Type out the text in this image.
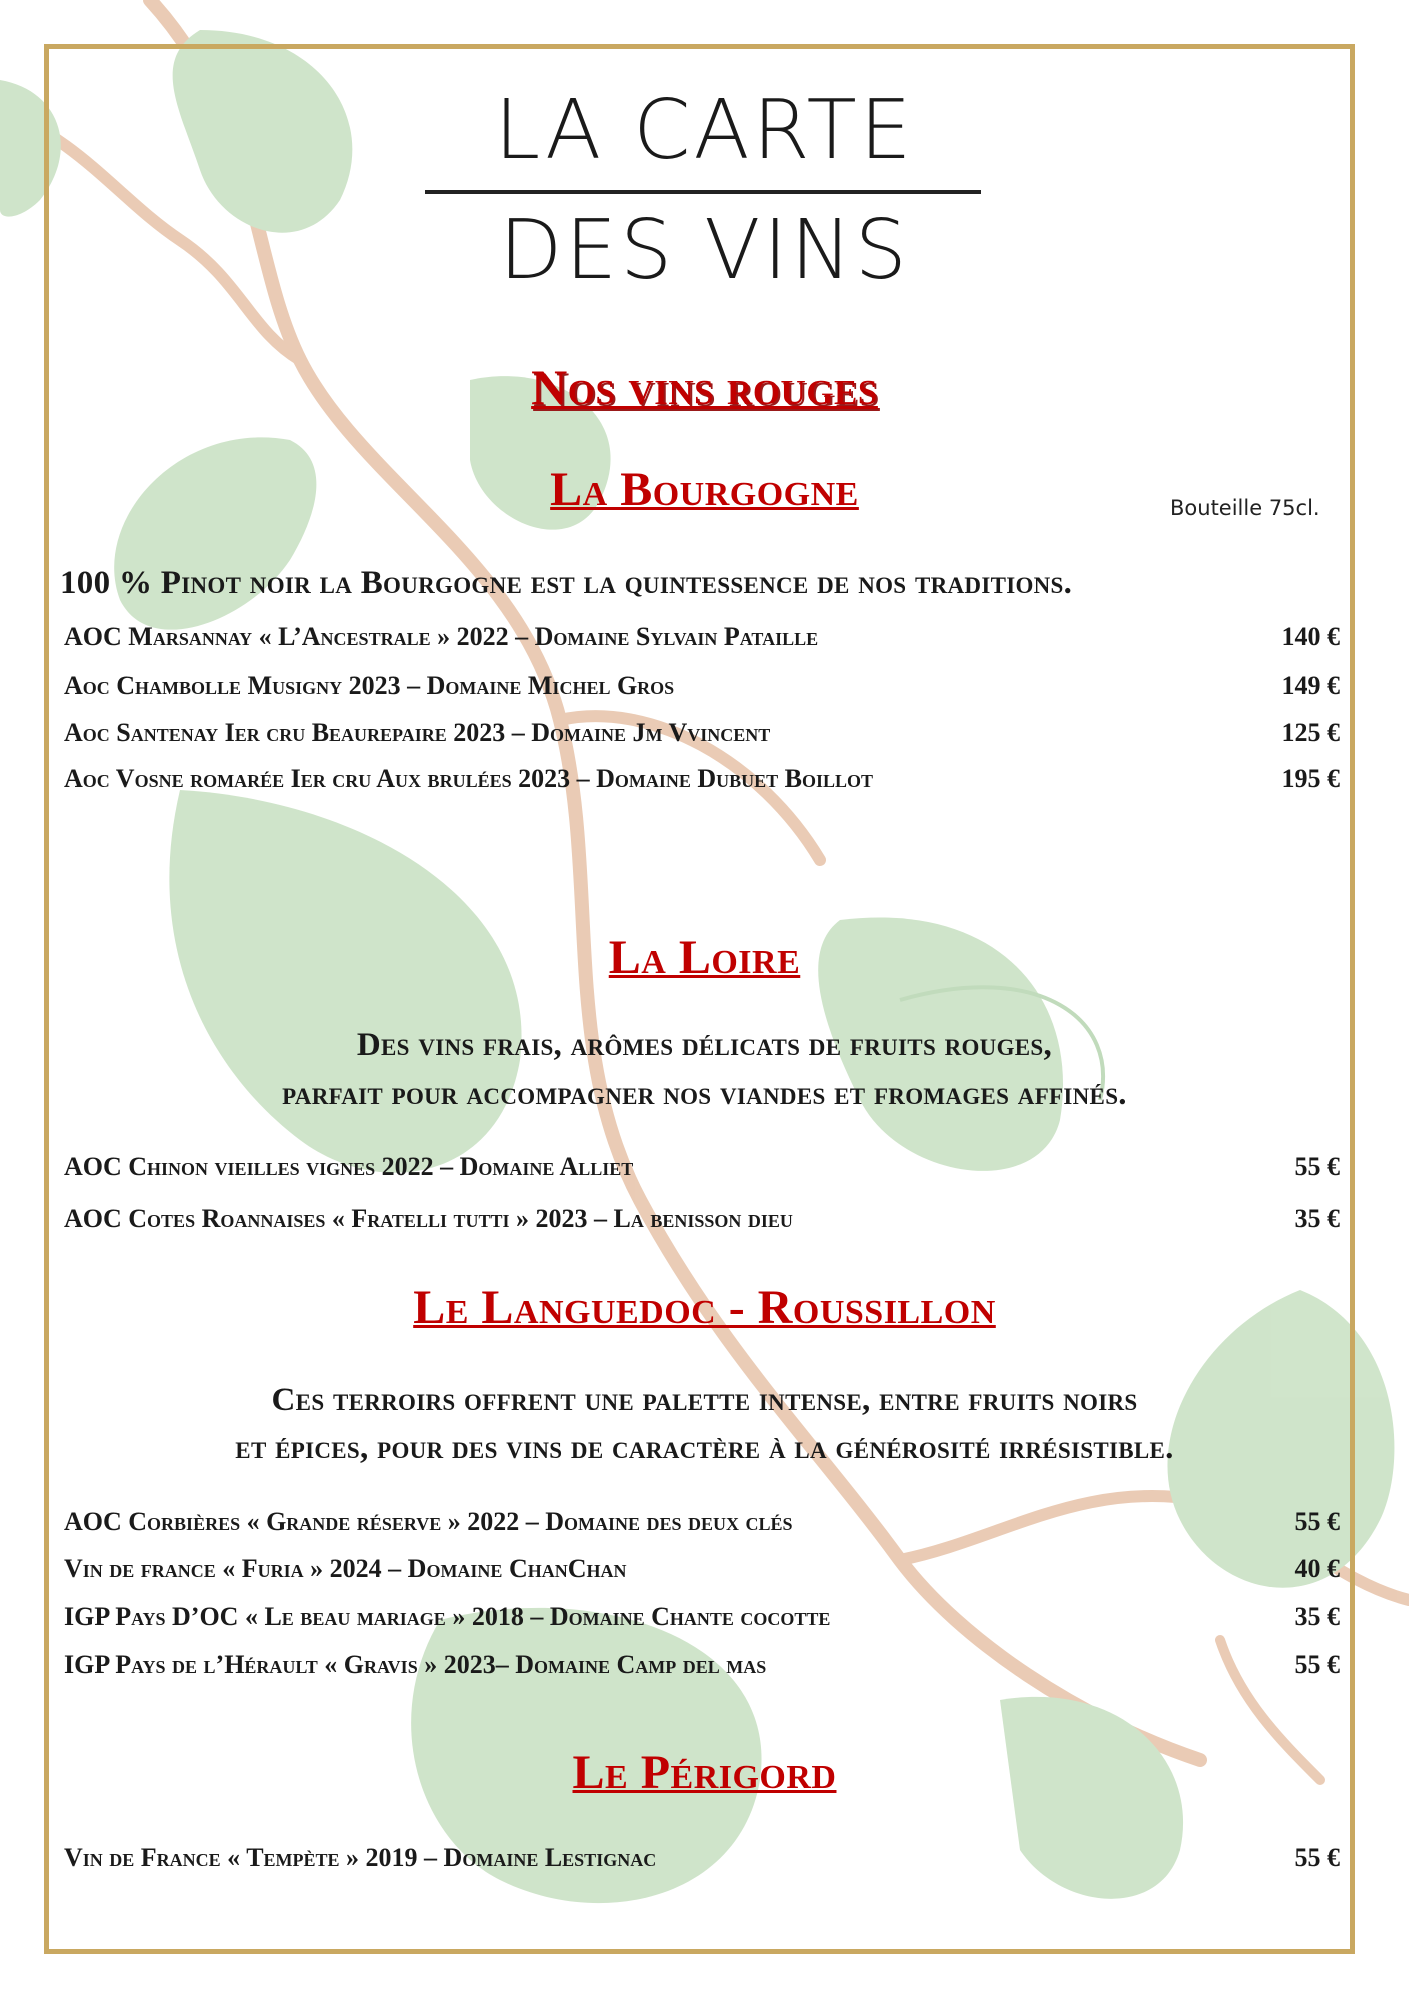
LA CARTE
DES VINS
Nos vins rouges
La Bourgogne	Bouteille 75cl.
100 % Pinot noir la Bourgogne est la quintessence de nos traditions.
AOC Marsannay « L’Ancestrale » 2022 – Domaine Sylvain Pataille	140 €
Aoc Chambolle Musigny 2023 – Domaine Michel Gros	149 €
Aoc Santenay Ier cru Beaurepaire 2023 – Domaine Jm Vvincent	125 €
Aoc Vosne romarée Ier cru Aux brulées 2023 – Domaine Dubuet Boillot	195 €
La Loire
Des vins frais, arômes délicats de fruits rouges,
parfait pour accompagner nos viandes et fromages affinés.
AOC Chinon vieilles vignes 2022 – Domaine Alliet	55 €
AOC Cotes Roannaises « Fratelli tutti » 2023 – La benisson dieu	35 €
Le Languedoc - Roussillon
Ces terroirs offrent une palette intense, entre fruits noirs
et épices, pour des vins de caractère à la générosité irrésistible.
AOC Corbières « Grande réserve » 2022 – Domaine des deux clés	55 €
Vin de france « Furia » 2024 – Domaine ChanChan	40 €
IGP Pays D’OC « Le beau mariage » 2018 – Domaine Chante cocotte	35 €
IGP Pays de l’Hérault « Gravis » 2023– Domaine Camp del mas	55 €
Le Périgord
Vin de France « Tempète » 2019 – Domaine Lestignac	55 €
